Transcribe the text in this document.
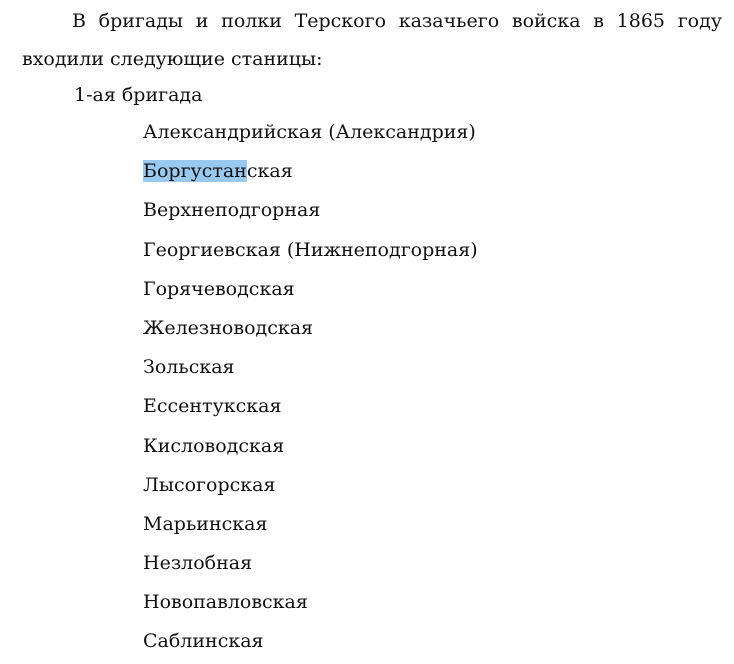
В бригады и полки Терского казачьего войска в 1865 году входили следующие станицы:

1-ая бригада

Александрийская (Александрия)
Боргустанская
Верхнеподгорная
Георгиевская (Нижнеподгорная)
Горячеводская
Железноводская
Зольская
Ессентукская
Кисловодская
Лысогорская
Марьинская
Незлобная
Новопавловская
Саблинская
